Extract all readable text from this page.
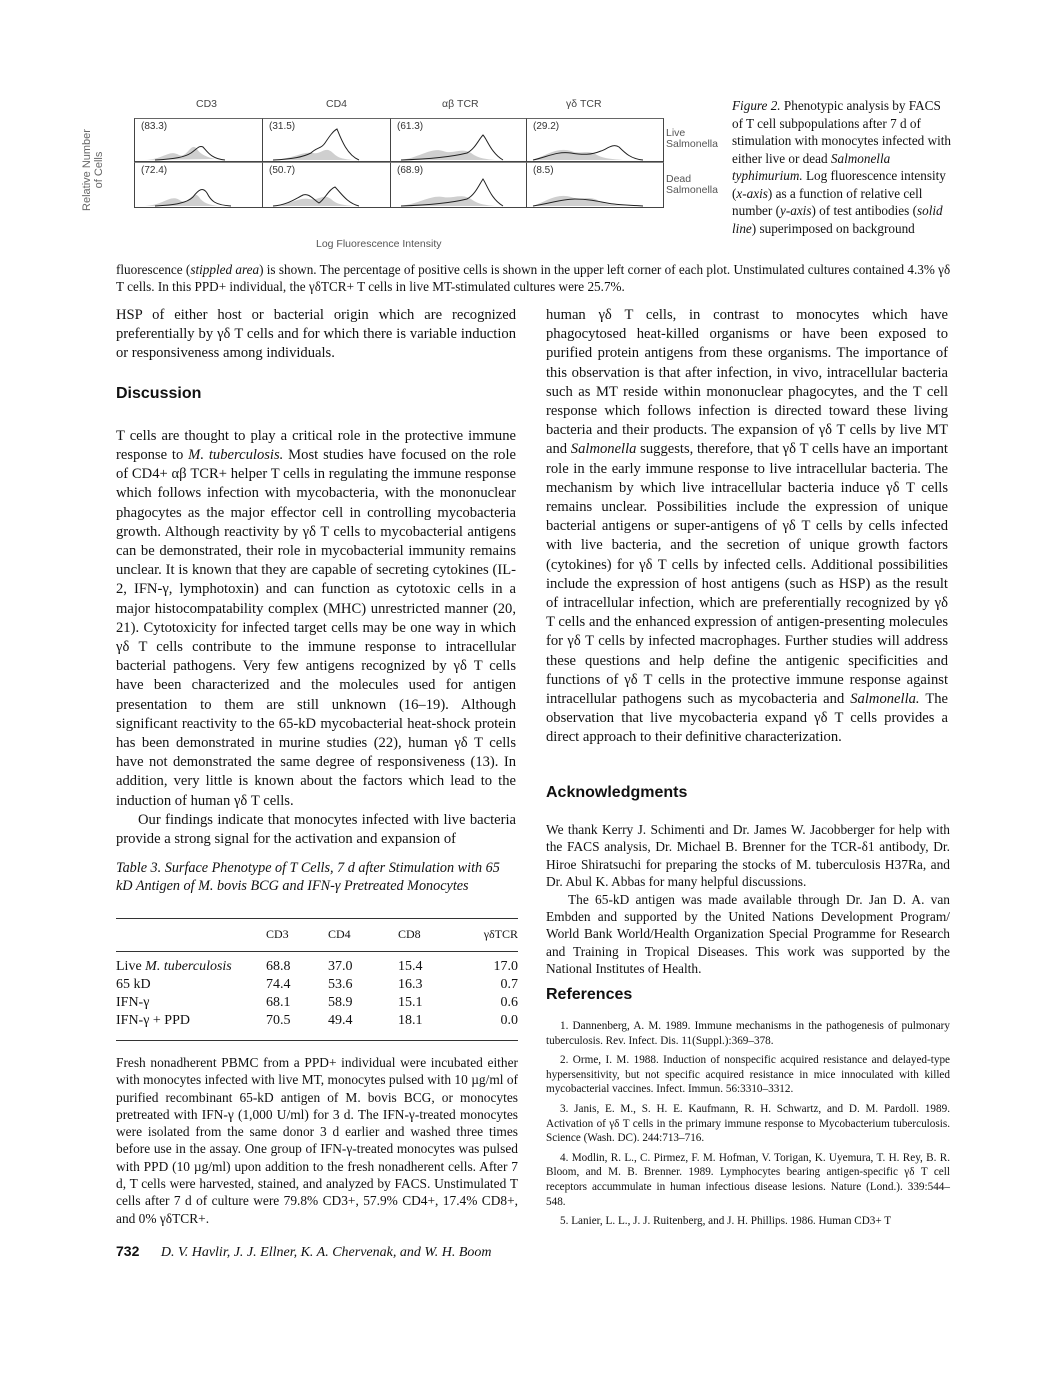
Relative Number of Cells
CD3	CD4	αβ TCR	γδ TCR
(83.3)	(31.5)	(61.3)	(29.2)
(72.4)	(50.7)	(68.9)	(8.5)
Live Salmonella
Dead Salmonella
Log Fluorescence Intensity
Figure 2. Phenotypic analysis by FACS of T cell subpopulations after 7 d of stimulation with monocytes infected with either live or dead Salmonella typhimurium. Log fluorescence intensity (x-axis) as a function of relative cell number (y-axis) of test antibodies (solid line) superimposed on background
fluorescence (stippled area) is shown. The percentage of positive cells is shown in the upper left corner of each plot. Unstimulated cultures contained 4.3% γδ T cells. In this PPD+ individual, the γδTCR+ T cells in live MT-stimulated cultures were 25.7%.

HSP of either host or bacterial origin which are recognized preferentially by γδ T cells and for which there is variable induction or responsiveness among individuals.

Discussion

T cells are thought to play a critical role in the protective immune response to M. tuberculosis. Most studies have focused on the role of CD4+ αβ TCR+ helper T cells in regulating the immune response which follows infection with mycobacteria, with the mononuclear phagocytes as the major effector cell in controlling mycobacteria growth. Although reactivity by γδ T cells to mycobacterial antigens can be demonstrated, their role in mycobacterial immunity remains unclear. It is known that they are capable of secreting cytokines (IL-2, IFN-γ, lymphotoxin) and can function as cytotoxic cells in a major histocompatability complex (MHC) unrestricted manner (20, 21). Cytotoxicity for infected target cells may be one way in which γδ T cells contribute to the immune response to intracellular bacterial pathogens. Very few antigens recognized by γδ T cells have been characterized and the molecules used for antigen presentation to them are still unknown (16–19). Although significant reactivity to the 65-kD mycobacterial heat-shock protein has been demonstrated in murine studies (22), human γδ T cells have not demonstrated the same degree of responsiveness (13). In addition, very little is known about the factors which lead to the induction of human γδ T cells.

Our findings indicate that monocytes infected with live bacteria provide a strong signal for the activation and expansion of

Table 3. Surface Phenotype of T Cells, 7 d after Stimulation with 65 kD Antigen of M. bovis BCG and IFN-γ Pretreated Monocytes
	CD3	CD4	CD8	γδTCR
Live M. tuberculosis	68.8	37.0	15.4	17.0
65 kD	74.4	53.6	16.3	0.7
IFN-γ	68.1	58.9	15.1	0.6
IFN-γ + PPD	70.5	49.4	18.1	0.0
Fresh nonadherent PBMC from a PPD+ individual were incubated either with monocytes infected with live MT, monocytes pulsed with 10 µg/ml of purified recombinant 65-kD antigen of M. bovis BCG, or monocytes pretreated with IFN-γ (1,000 U/ml) for 3 d. The IFN-γ-treated monocytes were isolated from the same donor 3 d earlier and washed three times before use in the assay. One group of IFN-γ-treated monocytes was pulsed with PPD (10 µg/ml) upon addition to the fresh nonadherent cells. After 7 d, T cells were harvested, stained, and analyzed by FACS. Unstimulated T cells after 7 d of culture were 79.8% CD3+, 57.9% CD4+, 17.4% CD8+, and 0% γδTCR+.

human γδ T cells, in contrast to monocytes which have phagocytosed heat-killed organisms or have been exposed to purified protein antigens from these organisms. The importance of this observation is that after infection, in vivo, intracellular bacteria such as MT reside within mononuclear phagocytes, and the T cell response which follows infection is directed toward these living bacteria and their products. The expansion of γδ T cells by live MT and Salmonella suggests, therefore, that γδ T cells have an important role in the early immune response to live intracellular bacteria. The mechanism by which live intracellular bacteria induce γδ T cells remains unclear. Possibilities include the expression of unique bacterial antigens or super-antigens of γδ T cells by cells infected with live bacteria, and the secretion of unique growth factors (cytokines) for γδ T cells by infected cells. Additional possibilities include the expression of host antigens (such as HSP) as the result of intracellular infection, which are preferentially recognized by γδ T cells and the enhanced expression of antigen-presenting molecules for γδ T cells by infected macrophages. Further studies will address these questions and help define the antigenic specificities and functions of γδ T cells in the protective immune response against intracellular pathogens such as mycobacteria and Salmonella. The observation that live mycobacteria expand γδ T cells provides a direct approach to their definitive characterization.

Acknowledgments

We thank Kerry J. Schimenti and Dr. James W. Jacobberger for help with the FACS analysis, Dr. Michael B. Brenner for the TCR-δ1 antibody, Dr. Hiroe Shiratsuchi for preparing the stocks of M. tuberculosis H37Ra, and Dr. Abul K. Abbas for many helpful discussions.

The 65-kD antigen was made available through Dr. Jan D. A. van Embden and supported by the United Nations Development Program/ World Bank World/Health Organization Special Programme for Research and Training in Tropical Diseases. This work was supported by the National Institutes of Health.

References

1. Dannenberg, A. M. 1989. Immune mechanisms in the pathogenesis of pulmonary tuberculosis. Rev. Infect. Dis. 11(Suppl.):369–378.

2. Orme, I. M. 1988. Induction of nonspecific acquired resistance and delayed-type hypersensitivity, but not specific acquired resistance in mice innoculated with killed mycobacterial vaccines. Infect. Immun. 56:3310–3312.

3. Janis, E. M., S. H. E. Kaufmann, R. H. Schwartz, and D. M. Pardoll. 1989. Activation of γδ T cells in the primary immune response to Mycobacterium tuberculosis. Science (Wash. DC). 244:713–716.

4. Modlin, R. L., C. Pirmez, F. M. Hofman, V. Torigan, K. Uyemura, T. H. Rey, B. R. Bloom, and M. B. Brenner. 1989. Lymphocytes bearing antigen-specific γδ T cell receptors accummulate in human infectious disease lesions. Nature (Lond.). 339:544–548.

5. Lanier, L. L., J. J. Ruitenberg, and J. H. Phillips. 1986. Human CD3+ T

732 D. V. Havlir, J. J. Ellner, K. A. Chervenak, and W. H. Boom
